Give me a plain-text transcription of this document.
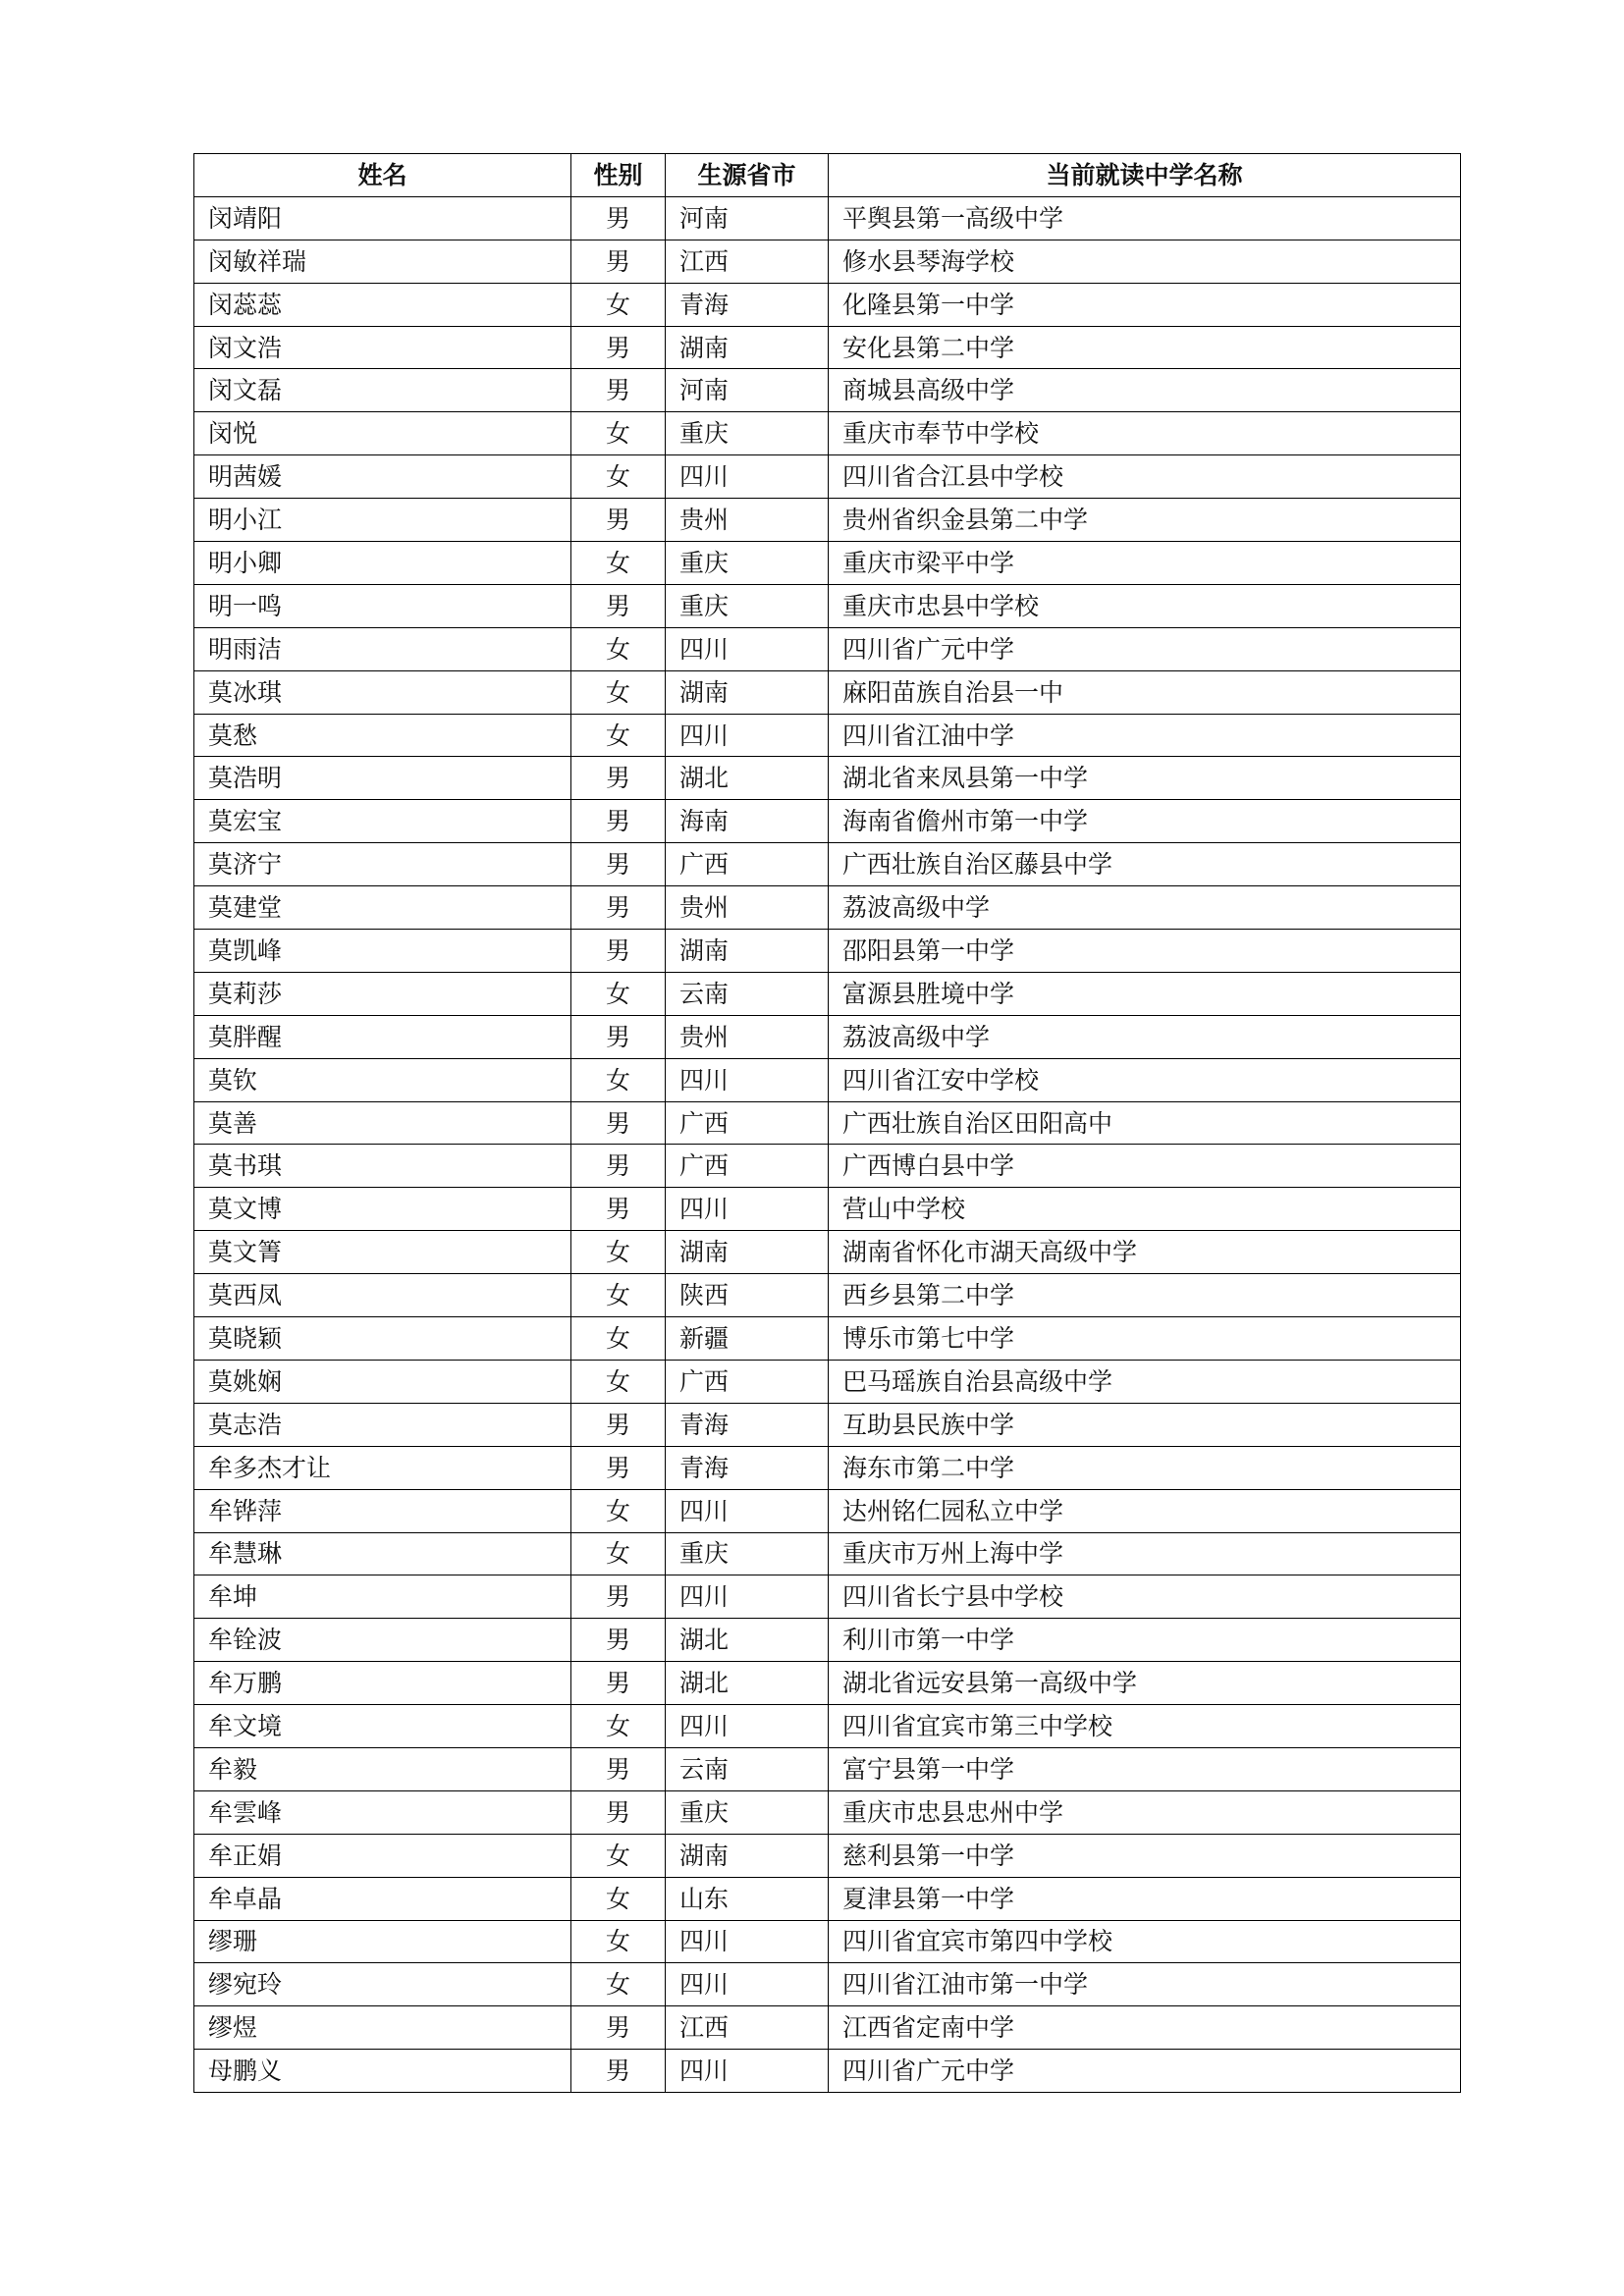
姓名	性别	生源省市	当前就读中学名称
闵靖阳	男	河南	平舆县第一高级中学
闵敏祥瑞	男	江西	修水县琴海学校
闵蕊蕊	女	青海	化隆县第一中学
闵文浩	男	湖南	安化县第二中学
闵文磊	男	河南	商城县高级中学
闵悦	女	重庆	重庆市奉节中学校
明茜媛	女	四川	四川省合江县中学校
明小江	男	贵州	贵州省织金县第二中学
明小卿	女	重庆	重庆市梁平中学
明一鸣	男	重庆	重庆市忠县中学校
明雨洁	女	四川	四川省广元中学
莫冰琪	女	湖南	麻阳苗族自治县一中
莫愁	女	四川	四川省江油中学
莫浩明	男	湖北	湖北省来凤县第一中学
莫宏宝	男	海南	海南省儋州市第一中学
莫济宁	男	广西	广西壮族自治区藤县中学
莫建堂	男	贵州	荔波高级中学
莫凯峰	男	湖南	邵阳县第一中学
莫莉莎	女	云南	富源县胜境中学
莫胖醒	男	贵州	荔波高级中学
莫钦	女	四川	四川省江安中学校
莫善	男	广西	广西壮族自治区田阳高中
莫书琪	男	广西	广西博白县中学
莫文博	男	四川	营山中学校
莫文箐	女	湖南	湖南省怀化市湖天高级中学
莫西凤	女	陕西	西乡县第二中学
莫晓颖	女	新疆	博乐市第七中学
莫姚娴	女	广西	巴马瑶族自治县高级中学
莫志浩	男	青海	互助县民族中学
牟多杰才让	男	青海	海东市第二中学
牟铧萍	女	四川	达州铭仁园私立中学
牟慧琳	女	重庆	重庆市万州上海中学
牟坤	男	四川	四川省长宁县中学校
牟铨波	男	湖北	利川市第一中学
牟万鹏	男	湖北	湖北省远安县第一高级中学
牟文境	女	四川	四川省宜宾市第三中学校
牟毅	男	云南	富宁县第一中学
牟雲峰	男	重庆	重庆市忠县忠州中学
牟正娟	女	湖南	慈利县第一中学
牟卓晶	女	山东	夏津县第一中学
缪珊	女	四川	四川省宜宾市第四中学校
缪宛玲	女	四川	四川省江油市第一中学
缪煜	男	江西	江西省定南中学
母鹏义	男	四川	四川省广元中学
